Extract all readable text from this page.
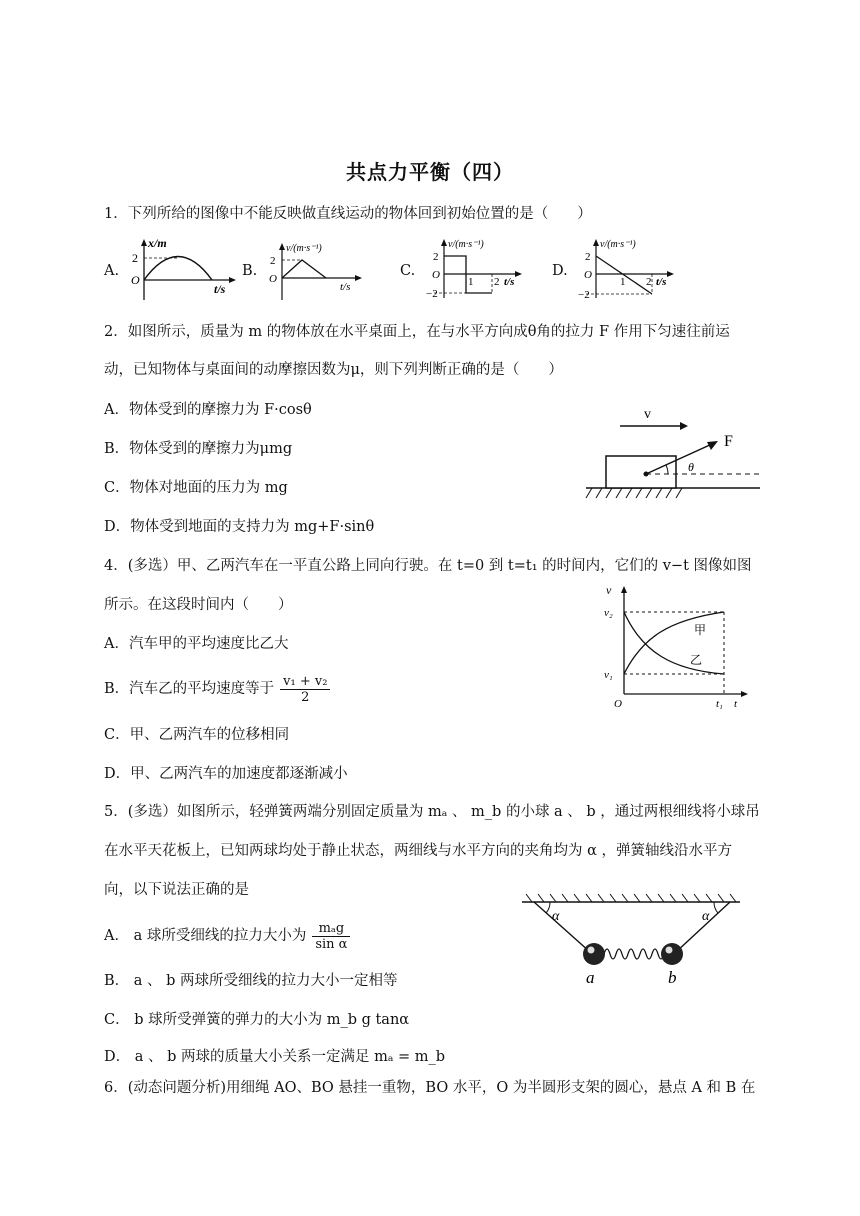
共点力平衡（四）
1．下列所给的图像中不能反映做直线运动的物体回到初始位置的是（　　）
A.
x/m
2
O
t/s
B.
v/(m·s⁻¹)
2
O
t/s
C.
v/(m·s⁻¹)
2
O
−2
1 2 t/s
D.
v/(m·s⁻¹)
2
O
−2
1 2 t/s
2．如图所示，质量为 m 的物体放在水平桌面上，在与水平方向成θ角的拉力 F 作用下匀速往前运
动，已知物体与桌面间的动摩擦因数为μ，则下列判断正确的是（　　）
A．物体受到的摩擦力为 F·cosθ
B．物体受到的摩擦力为μmg
C．物体对地面的压力为 mg
D．物体受到地面的支持力为 mg+F·sinθ
v
F
θ
4．(多选）甲、乙两汽车在一平直公路上同向行驶。在 t=0 到 t=t₁ 的时间内，它们的 v−t 图像如图
所示。在这段时间内（　　）
A．汽车甲的平均速度比乙大
B．汽车乙的平均速度等于 $\frac{\text{v₁ + v₂}}{2}$
C．甲、乙两汽车的位移相同
D．甲、乙两汽车的加速度都逐渐减小
v
v₂
v₁
O	t₁ t
甲
乙
5．(多选）如图所示，轻弹簧两端分别固定质量为 mₐ 、 m_b 的小球 a 、 b ，通过两根细线将小球吊
在水平天花板上，已知两球均处于静止状态，两细线与水平方向的夹角均为 α ，弹簧轴线沿水平方
向，以下说法正确的是
A． a 球所受细线的拉力大小为 $\frac{\text{mₐg}}{\text{sin α}}$
B． a 、 b 两球所受细线的拉力大小一定相等
C． b 球所受弹簧的弹力的大小为 m_b g tanα
D． a 、 b 两球的质量大小关系一定满足 mₐ = m_b
α	α
a	b
6．(动态问题分析)用细绳 AO、BO 悬挂一重物，BO 水平，O 为半圆形支架的圆心，悬点 A 和 B 在
